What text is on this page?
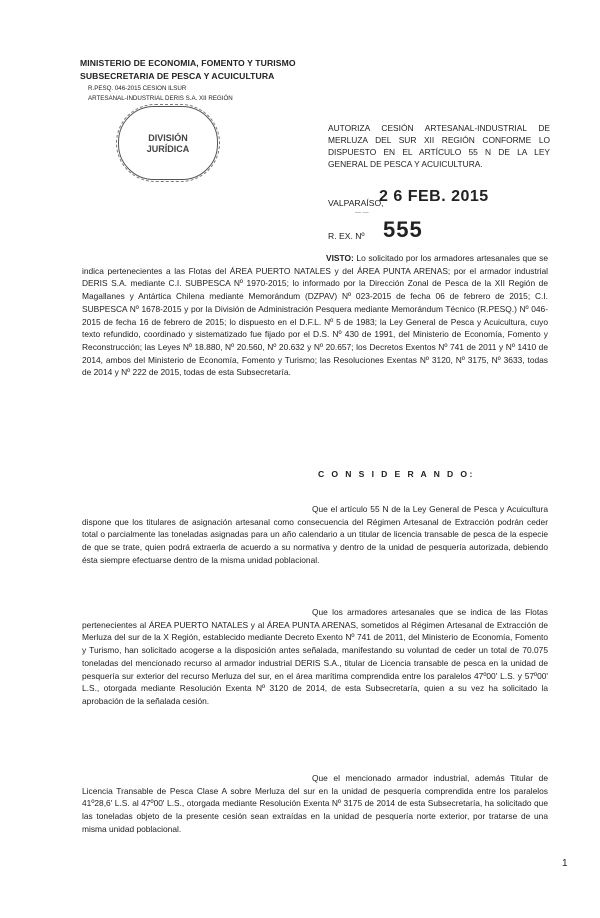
MINISTERIO DE ECONOMIA, FOMENTO Y TURISMO
SUBSECRETARIA DE PESCA Y ACUICULTURA
R.PESQ. 046-2015 CESION ILSUR
ARTESANAL-INDUSTRIAL DERIS S.A. XII REGIÓN
DIVISIÓN
JURÍDICA
AUTORIZA CESIÓN ARTESANAL-INDUSTRIAL DE MERLUZA DEL SUR XII REGIÓN CONFORME LO DISPUESTO EN EL ARTÍCULO 55 N DE LA LEY GENERAL DE PESCA Y ACUICULTURA.
VALPARAÍSO,
2 6 FEB. 2015
— —
R. EX. Nº 555
VISTO: Lo solicitado por los armadores artesanales que se indica pertenecientes a las Flotas del ÁREA PUERTO NATALES y del ÁREA PUNTA ARENAS; por el armador industrial DERIS S.A. mediante C.I. SUBPESCA Nº 1970-2015; lo informado por la Dirección Zonal de Pesca de la XII Región de Magallanes y Antártica Chilena mediante Memorándum (DZPAV) Nº 023-2015 de fecha 06 de febrero de 2015; C.I. SUBPESCA Nº 1678-2015 y por la División de Administración Pesquera mediante Memorándum Técnico (R.PESQ.) Nº 046-2015 de fecha 16 de febrero de 2015; lo dispuesto en el D.F.L. Nº 5 de 1983; la Ley General de Pesca y Acuicultura, cuyo texto refundido, coordinado y sistematizado fue fijado por el D.S. Nº 430 de 1991, del Ministerio de Economía, Fomento y Reconstrucción; las Leyes Nº 18.880, Nº 20.560, Nº 20.632 y Nº 20.657; los Decretos Exentos Nº 741 de 2011 y Nº 1410 de 2014, ambos del Ministerio de Economía, Fomento y Turismo; las Resoluciones Exentas Nº 3120, Nº 3175, Nº 3633, todas de 2014 y Nº 222 de 2015, todas de esta Subsecretaría.
C O N S I D E R A N D O:
Que el artículo 55 N de la Ley General de Pesca y Acuicultura dispone que los titulares de asignación artesanal como consecuencia del Régimen Artesanal de Extracción podrán ceder total o parcialmente las toneladas asignadas para un año calendario a un titular de licencia transable de pesca de la especie de que se trate, quien podrá extraerla de acuerdo a su normativa y dentro de la unidad de pesquería autorizada, debiendo ésta siempre efectuarse dentro de la misma unidad poblacional.
Que los armadores artesanales que se indica de las Flotas pertenecientes al ÁREA PUERTO NATALES y al ÁREA PUNTA ARENAS, sometidos al Régimen Artesanal de Extracción de Merluza del sur de la X Región, establecido mediante Decreto Exento Nº 741 de 2011, del Ministerio de Economía, Fomento y Turismo, han solicitado acogerse a la disposición antes señalada, manifestando su voluntad de ceder un total de 70.075 toneladas del mencionado recurso al armador industrial DERIS S.A., titular de Licencia transable de pesca en la unidad de pesquería sur exterior del recurso Merluza del sur, en el área marítima comprendida entre los paralelos 47º00' L.S. y 57º00' L.S., otorgada mediante Resolución Exenta Nº 3120 de 2014, de esta Subsecretaría, quien a su vez ha solicitado la aprobación de la señalada cesión.
Que el mencionado armador industrial, además Titular de Licencia Transable de Pesca Clase A sobre Merluza del sur en la unidad de pesquería comprendida entre los paralelos 41º28,6' L.S. al 47º00' L.S., otorgada mediante Resolución Exenta Nº 3175 de 2014 de esta Subsecretaría, ha solicitado que las toneladas objeto de la presente cesión sean extraídas en la unidad de pesquería norte exterior, por tratarse de una misma unidad poblacional.
1
